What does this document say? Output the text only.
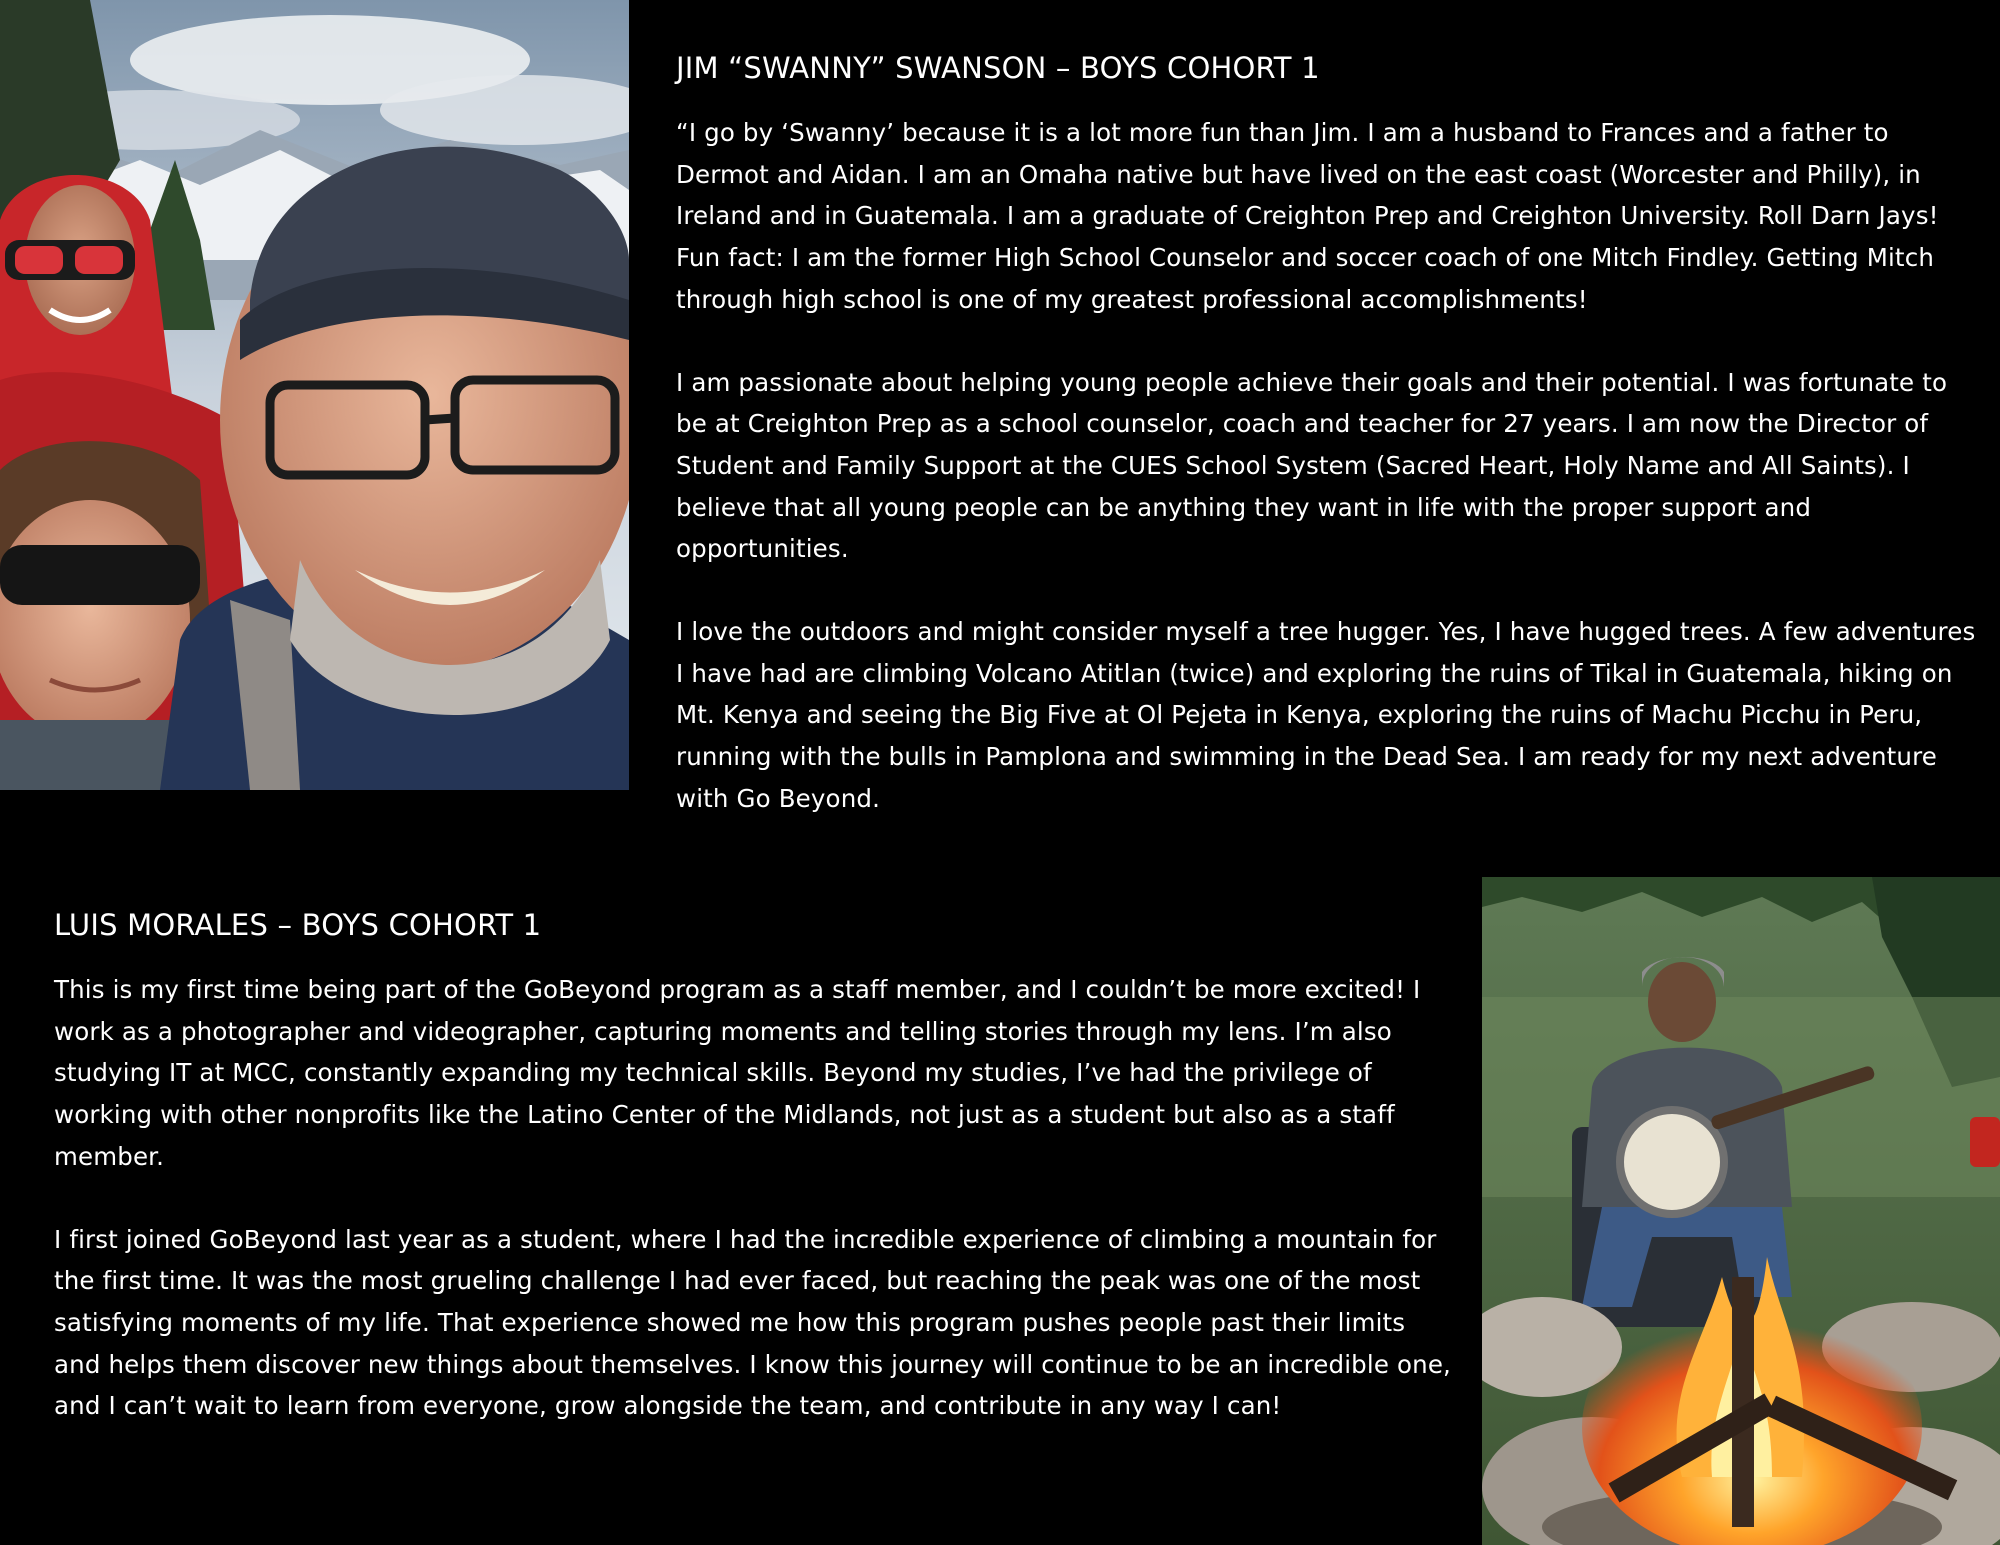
JIM “SWANNY” SWANSON – BOYS COHORT 1

“I go by ‘Swanny’ because it is a lot more fun than Jim. I am a husband to Frances and a father to Dermot and Aidan. I am an Omaha native but have lived on the east coast (Worcester and Philly), in Ireland and in Guatemala. I am a graduate of Creighton Prep and Creighton University. Roll Darn Jays! Fun fact: I am the former High School Counselor and soccer coach of one Mitch Findley. Getting Mitch through high school is one of my greatest professional accomplishments!

I am passionate about helping young people achieve their goals and their potential. I was fortunate to be at Creighton Prep as a school counselor, coach and teacher for 27 years. I am now the Director of Student and Family Support at the CUES School System (Sacred Heart, Holy Name and All Saints). I believe that all young people can be anything they want in life with the proper support and opportunities.

I love the outdoors and might consider myself a tree hugger. Yes, I have hugged trees. A few adventures I have had are climbing Volcano Atitlan (twice) and exploring the ruins of Tikal in Guatemala, hiking on Mt. Kenya and seeing the Big Five at Ol Pejeta in Kenya, exploring the ruins of Machu Picchu in Peru, running with the bulls in Pamplona and swimming in the Dead Sea. I am ready for my next adventure with Go Beyond.

LUIS MORALES – BOYS COHORT 1

This is my first time being part of the GoBeyond program as a staff member, and I couldn’t be more excited! I work as a photographer and videographer, capturing moments and telling stories through my lens. I’m also studying IT at MCC, constantly expanding my technical skills. Beyond my studies, I’ve had the privilege of working with other nonprofits like the Latino Center of the Midlands, not just as a student but also as a staff member.

I first joined GoBeyond last year as a student, where I had the incredible experience of climbing a mountain for the first time. It was the most grueling challenge I had ever faced, but reaching the peak was one of the most satisfying moments of my life. That experience showed me how this program pushes people past their limits and helps them discover new things about themselves. I know this journey will continue to be an incredible one, and I can’t wait to learn from everyone, grow alongside the team, and contribute in any way I can!
